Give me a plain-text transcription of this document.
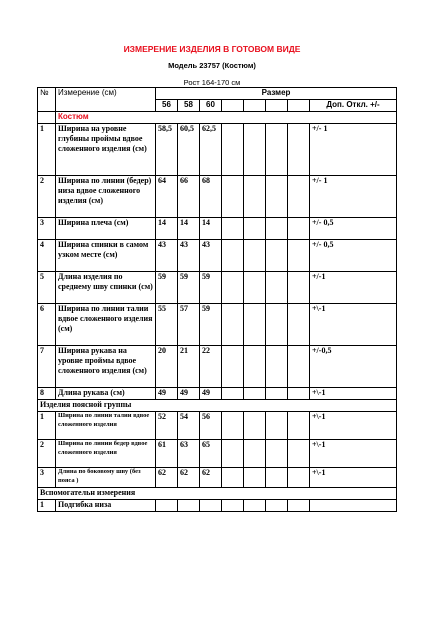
ИЗМЕРЕНИЕ ИЗДЕЛИЯ В ГОТОВОМ ВИДЕ
Модель 23757 (Костюм)
Рост 164-170 см
№	Измерение (см)	Размер							
		56	58	60					Доп. Откл. +/-
	Костюм								
1	Ширина на уровне глубины проймы вдвое сложенного изделия (см)	58,5	60,5	62,5					+/- 1
2	Ширина по линии (бедер) низа вдвое сложенного изделия (см)	64	66	68					+/- 1
3	Ширина плеча (см)	14	14	14					+/- 0,5
4	Ширина спинки в самом узком месте (см)	43	43	43					+/- 0,5
5	Длина изделия по среднему шву спинки (см)	59	59	59					+/-1
6	Ширина по линии талии вдвое сложенного изделия (см)	55	57	59					+\-1
7	Ширина рукава на уровне проймы вдвое сложенного изделия (см)	20	21	22					+/-0,5
8	Длина рукава (см)	49	49	49					+\-1
Изделия поясной группы									
1	Ширина по линии талии вдвое сложенного изделия	52	54	56					+\-1
2	Ширина по линии бедер вдвое сложенного изделия	61	63	65					+\-1
3	Длина по боковому шву (без пояса )	62	62	62					+\-1
Вспомогательн измерения									
1	Подгибка низа								
